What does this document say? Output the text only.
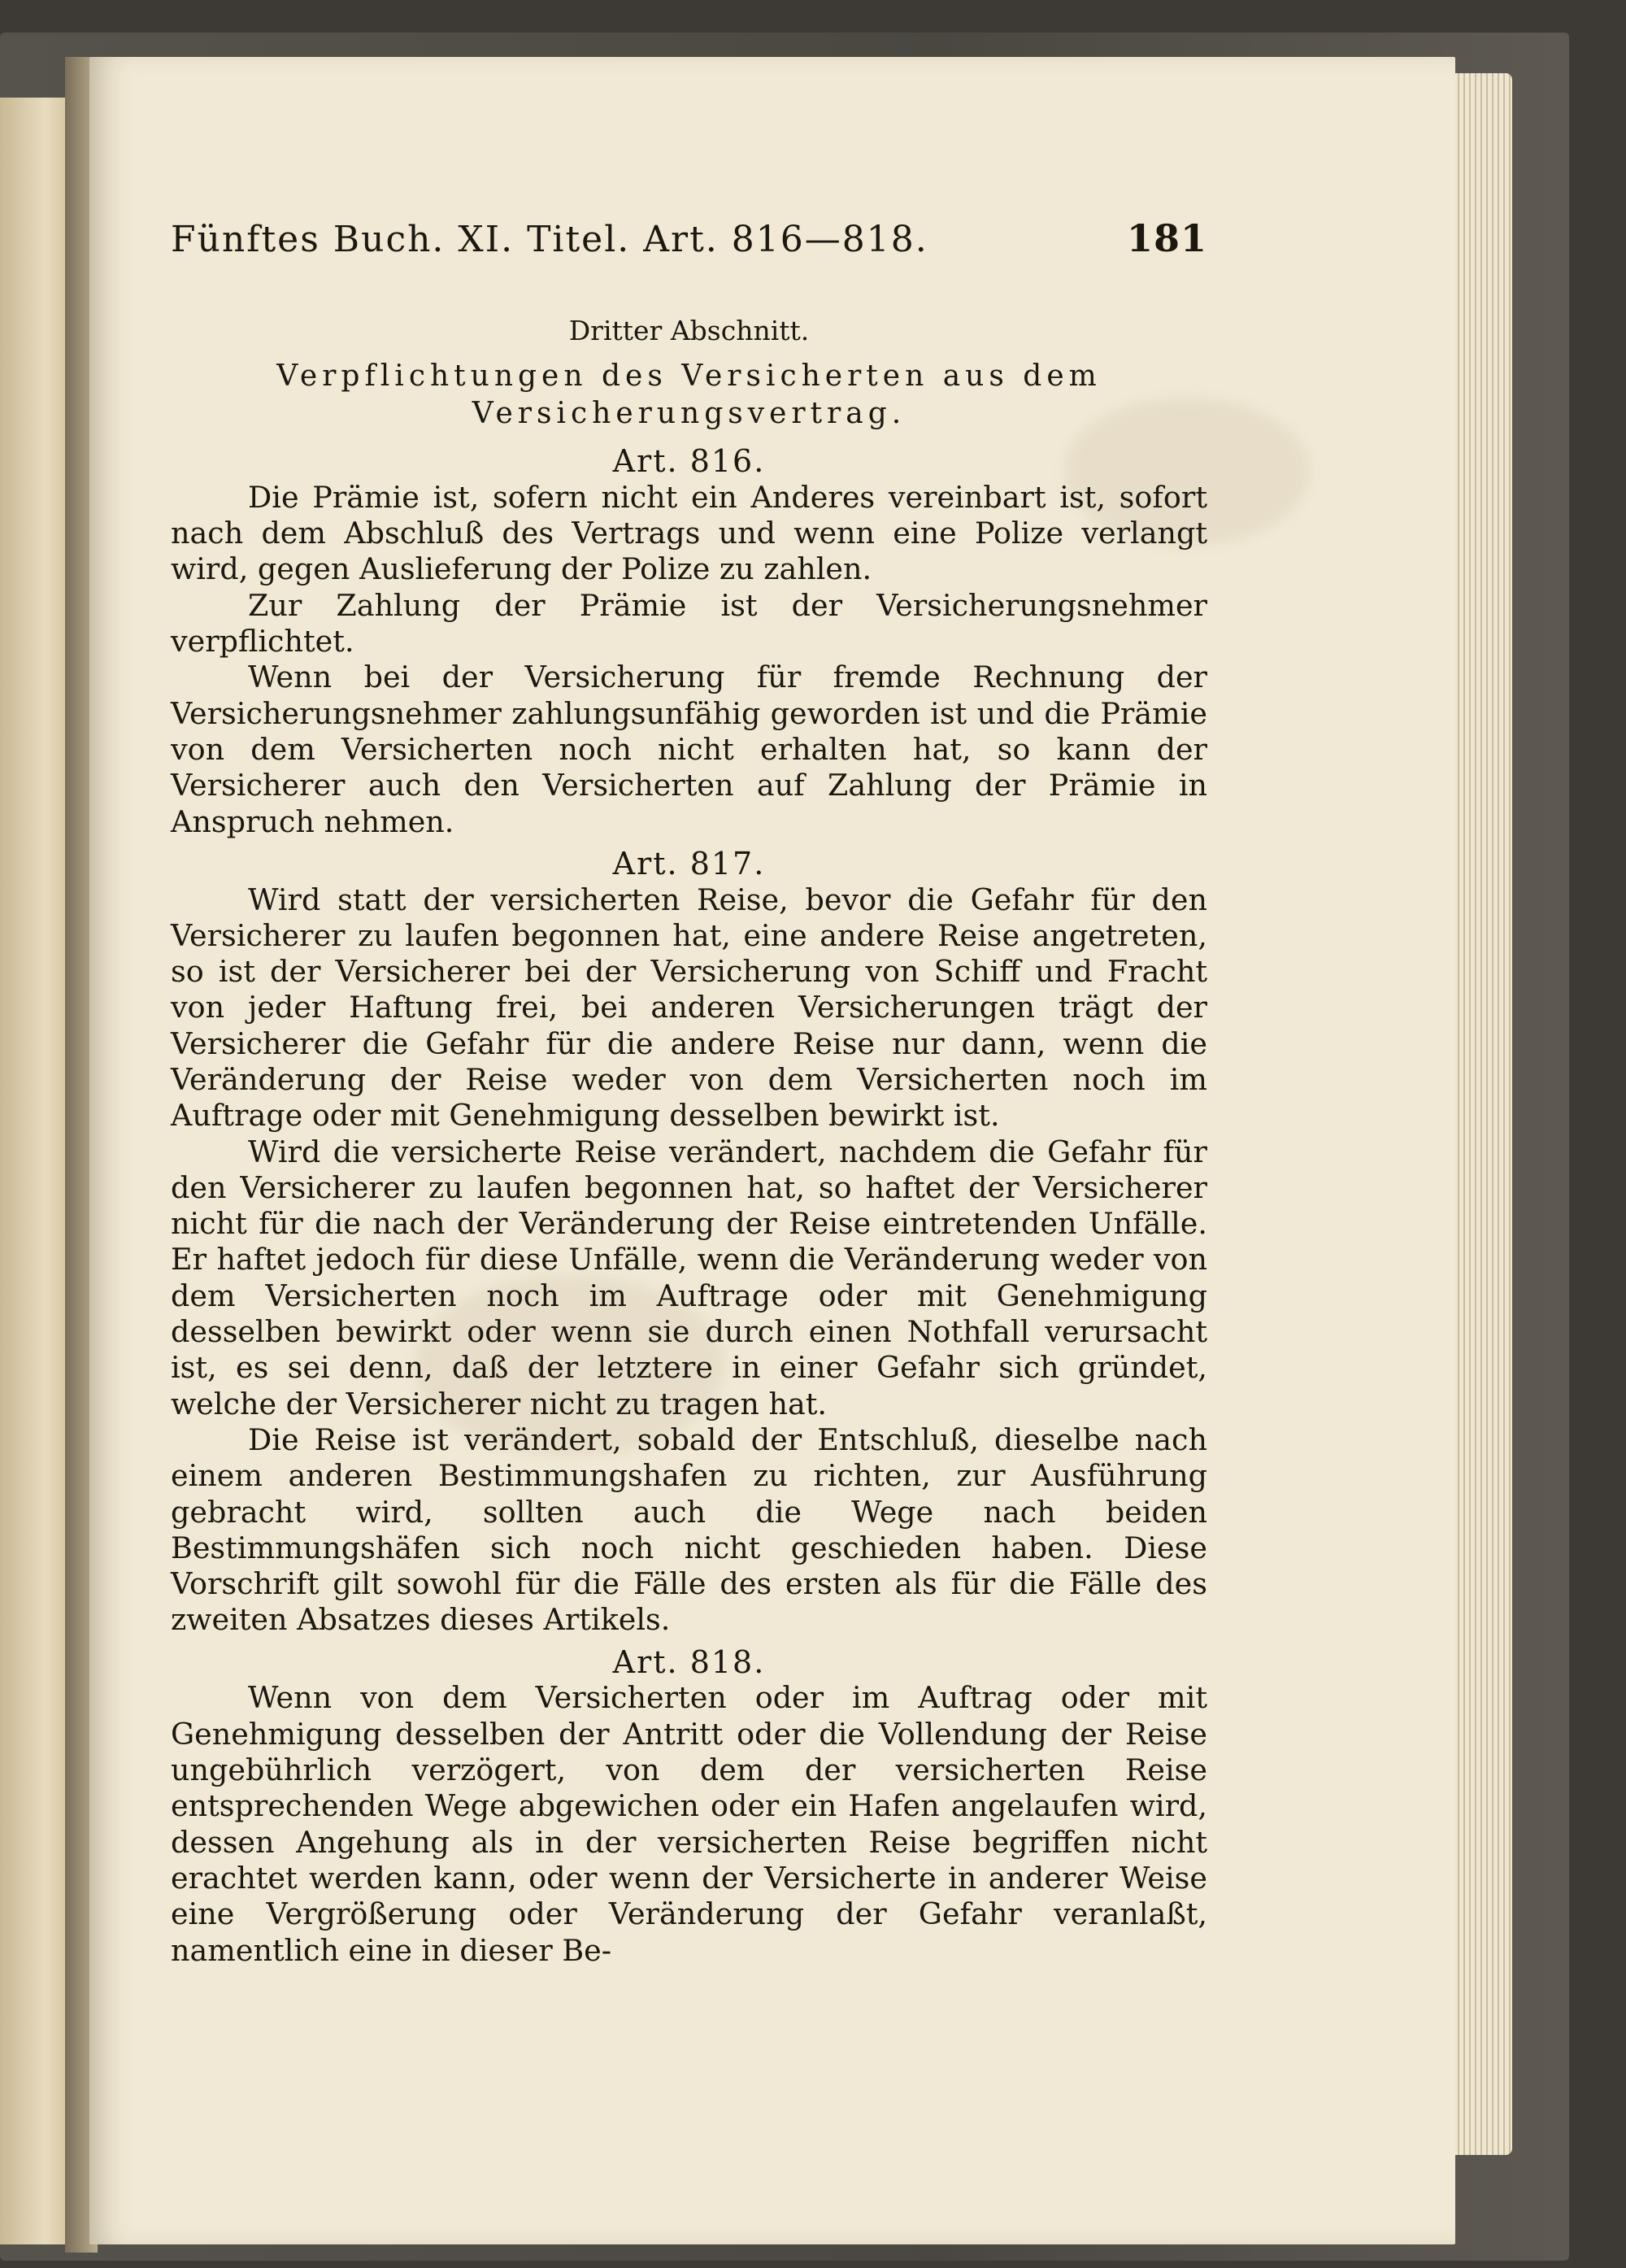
Fünftes Buch. XI. Titel. Art. 816—818.	181
Dritter Abschnitt.
Verpflichtungen des Versicherten aus dem Versicherungsvertrag.
Art. 816.

Die Prämie ist, sofern nicht ein Anderes vereinbart ist, sofort nach dem Abschluß des Vertrags und wenn eine Polize verlangt wird, gegen Auslieferung der Polize zu zahlen.

Zur Zahlung der Prämie ist der Versicherungsnehmer verpflichtet.

Wenn bei der Versicherung für fremde Rechnung der Versicherungsnehmer zahlungsunfähig geworden ist und die Prämie von dem Versicherten noch nicht erhalten hat, so kann der Versicherer auch den Versicherten auf Zahlung der Prämie in Anspruch nehmen.

Art. 817.

Wird statt der versicherten Reise, bevor die Gefahr für den Versicherer zu laufen begonnen hat, eine andere Reise angetreten, so ist der Versicherer bei der Versicherung von Schiff und Fracht von jeder Haftung frei, bei anderen Versicherungen trägt der Versicherer die Gefahr für die andere Reise nur dann, wenn die Veränderung der Reise weder von dem Versicherten noch im Auftrage oder mit Genehmigung desselben bewirkt ist.

Wird die versicherte Reise verändert, nachdem die Gefahr für den Versicherer zu laufen begonnen hat, so haftet der Versicherer nicht für die nach der Veränderung der Reise eintretenden Unfälle. Er haftet jedoch für diese Unfälle, wenn die Veränderung weder von dem Versicherten noch im Auftrage oder mit Genehmigung desselben bewirkt oder wenn sie durch einen Nothfall verursacht ist, es sei denn, daß der letztere in einer Gefahr sich gründet, welche der Versicherer nicht zu tragen hat.

Die Reise ist verändert, sobald der Entschluß, dieselbe nach einem anderen Bestimmungshafen zu richten, zur Ausführung gebracht wird, sollten auch die Wege nach beiden Bestimmungshäfen sich noch nicht geschieden haben. Diese Vorschrift gilt sowohl für die Fälle des ersten als für die Fälle des zweiten Absatzes dieses Artikels.

Art. 818.

Wenn von dem Versicherten oder im Auftrag oder mit Genehmigung desselben der Antritt oder die Vollendung der Reise ungebührlich verzögert, von dem der versicherten Reise entsprechenden Wege abgewichen oder ein Hafen angelaufen wird, dessen Angehung als in der versicherten Reise begriffen nicht erachtet werden kann, oder wenn der Versicherte in anderer Weise eine Vergrößerung oder Veränderung der Gefahr veranlaßt, namentlich eine in dieser Be-
